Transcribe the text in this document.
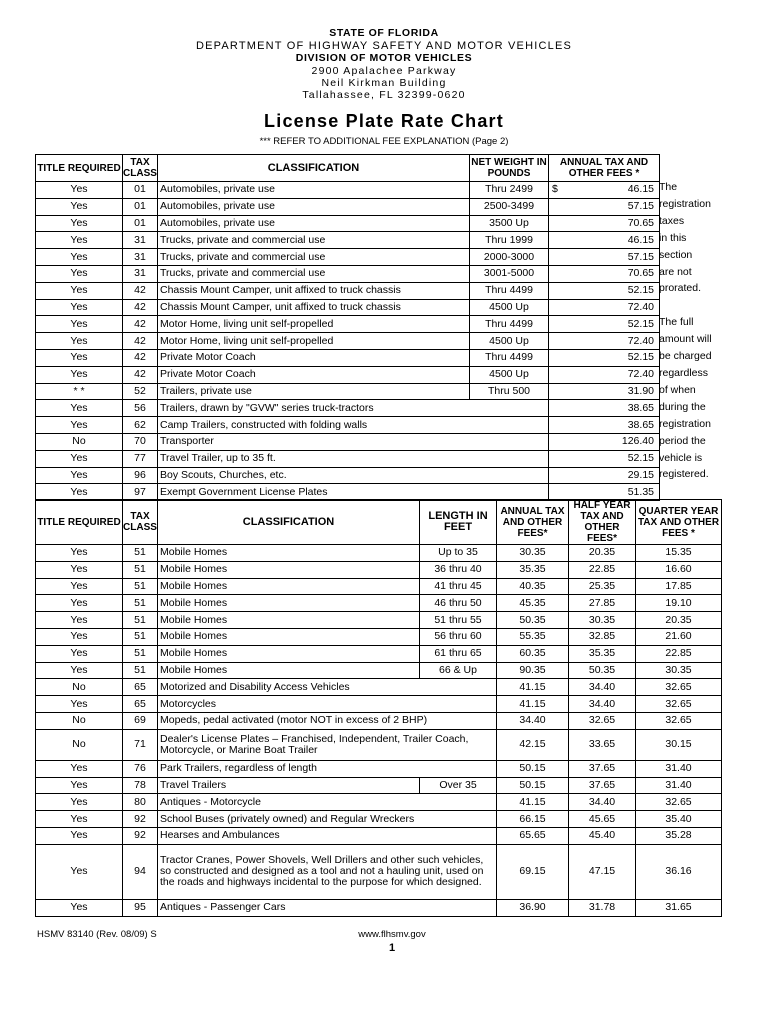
STATE OF FLORIDA
DEPARTMENT OF HIGHWAY SAFETY AND MOTOR VEHICLES
DIVISION OF MOTOR VEHICLES
2900 Apalachee Parkway
Neil Kirkman Building
Tallahassee, FL 32399-0620
License Plate Rate Chart
*** REFER TO ADDITIONAL FEE EXPLANATION (Page 2)
TITLE REQUIRED	TAX CLASS	CLASSIFICATION	NET WEIGHT IN POUNDS	ANNUAL TAX AND OTHER FEES *
Yes	01	Automobiles, private use	Thru 2499	$ 46.15
Yes	01	Automobiles, private use	2500-3499	57.15
Yes	01	Automobiles, private use	3500 Up	70.65
Yes	31	Trucks, private and commercial use	Thru 1999	46.15
Yes	31	Trucks, private and commercial use	2000-3000	57.15
Yes	31	Trucks, private and commercial use	3001-5000	70.65
Yes	42	Chassis Mount Camper, unit affixed to truck chassis	Thru 4499	52.15
Yes	42	Chassis Mount Camper, unit affixed to truck chassis	4500 Up	72.40
Yes	42	Motor Home, living unit self-propelled	Thru 4499	52.15
Yes	42	Motor Home, living unit self-propelled	4500 Up	72.40
Yes	42	Private Motor Coach	Thru 4499	52.15
Yes	42	Private Motor Coach	4500 Up	72.40
* *	52	Trailers, private use	Thru 500	31.90
Yes	56	Trailers, drawn by "GVW" series truck-tractors		38.65
Yes	62	Camp Trailers, constructed with folding walls		38.65
No	70	Transporter		126.40
Yes	77	Travel Trailer, up to 35 ft.		52.15
Yes	96	Boy Scouts, Churches, etc.		29.15
Yes	97	Exempt Government License Plates		51.35
The
registration
taxes
in this
section
are not
prorated.

The full
amount will
be charged
regardless
of when
during the
registration
period the
vehicle is
registered.
TITLE REQUIRED	TAX CLASS	CLASSIFICATION	LENGTH IN FEET	ANNUAL TAX AND OTHER FEES*	HALF YEAR TAX AND OTHER FEES*	QUARTER YEAR TAX AND OTHER FEES *
Yes	51	Mobile Homes	Up to 35	30.35	20.35	15.35
Yes	51	Mobile Homes	36 thru 40	35.35	22.85	16.60
Yes	51	Mobile Homes	41 thru 45	40.35	25.35	17.85
Yes	51	Mobile Homes	46 thru 50	45.35	27.85	19.10
Yes	51	Mobile Homes	51 thru 55	50.35	30.35	20.35
Yes	51	Mobile Homes	56 thru 60	55.35	32.85	21.60
Yes	51	Mobile Homes	61 thru 65	60.35	35.35	22.85
Yes	51	Mobile Homes	66 & Up	90.35	50.35	30.35
No	65	Motorized and Disability Access Vehicles		41.15	34.40	32.65
Yes	65	Motorcycles		41.15	34.40	32.65
No	69	Mopeds, pedal activated (motor NOT in excess of 2 BHP)		34.40	32.65	32.65
No	71	Dealer's License Plates – Franchised, Independent, Trailer Coach, Motorcycle, or Marine Boat Trailer		42.15	33.65	30.15
Yes	76	Park Trailers, regardless of length		50.15	37.65	31.40
Yes	78	Travel Trailers	Over 35	50.15	37.65	31.40
Yes	80	Antiques - Motorcycle		41.15	34.40	32.65
Yes	92	School Buses (privately owned) and Regular Wreckers		66.15	45.65	35.40
Yes	92	Hearses and Ambulances		65.65	45.40	35.28
Yes	94	Tractor Cranes, Power Shovels, Well Drillers and other such vehicles, so constructed and designed as a tool and not a hauling unit, used on the roads and highways incidental to the purpose for which designed.		69.15	47.15	36.16
Yes	95	Antiques - Passenger Cars		36.90	31.78	31.65
HSMV 83140 (Rev. 08/09) S	www.flhsmv.gov
1
